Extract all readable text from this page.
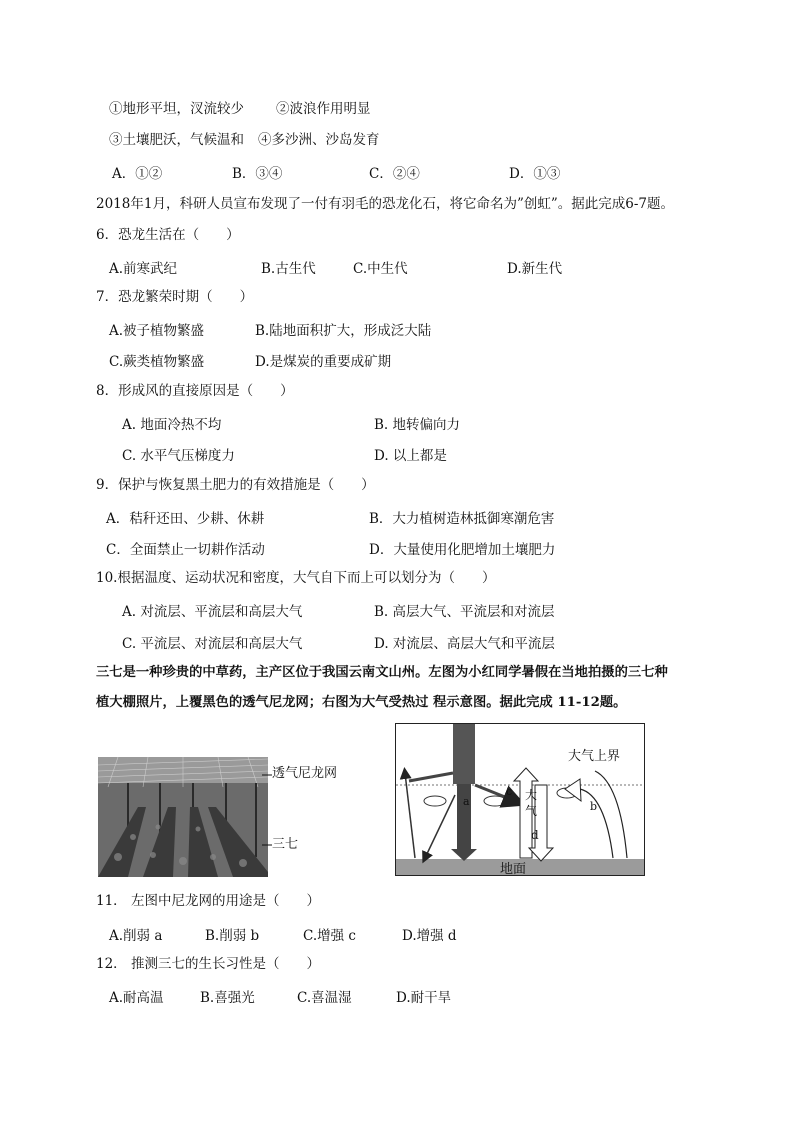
①地形平坦，汊流较少 ②波浪作用明显
③土壤肥沃，气候温和 ④多沙洲、沙岛发育
A．①②	B．③④	C．②④	D．①③
2018年1月，科研人员宣布发现了一付有羽毛的恐龙化石，将它命名为”创虹”。据此完成6-7题。
6．恐龙生活在（　　）
A.前寒武纪	B.古生代	C.中生代	D.新生代
7．恐龙繁荣时期（　　）
A.被子植物繁盛	B.陆地面积扩大，形成泛大陆
C.蕨类植物繁盛	D.是煤炭的重要成矿期
8．形成风的直接原因是（　　）
A. 地面冷热不均	B. 地转偏向力
C. 水平气压梯度力	D. 以上都是
9．保护与恢复黑土肥力的有效措施是（　　）
A．秸秆还田、少耕、休耕	B．大力植树造林抵御寒潮危害
C．全面禁止一切耕作活动	D．大量使用化肥增加土壤肥力
10.根据温度、运动状况和密度，大气自下而上可以划分为（　　）
A. 对流层、平流层和高层大气	B. 高层大气、平流层和对流层
C. 平流层、对流层和高层大气	D. 对流层、高层大气和平流层
三七是一种珍贵的中草药，主产区位于我国云南文山州。左图为小红同学暑假在当地拍摄的三七种
植大棚照片，上覆黑色的透气尼龙网；右图为大气受热过 程示意图。据此完成 11-12题。
透气尼龙网
三七
大气上界
地面
大
气
a	b
c
d
11． 左图中尼龙网的用途是（　　）
A.削弱 a	B.削弱 b	C.增强 c	D.增强 d
12． 推测三七的生长习性是（　　）
A.耐高温	B.喜强光	C.喜温湿	D.耐干旱
